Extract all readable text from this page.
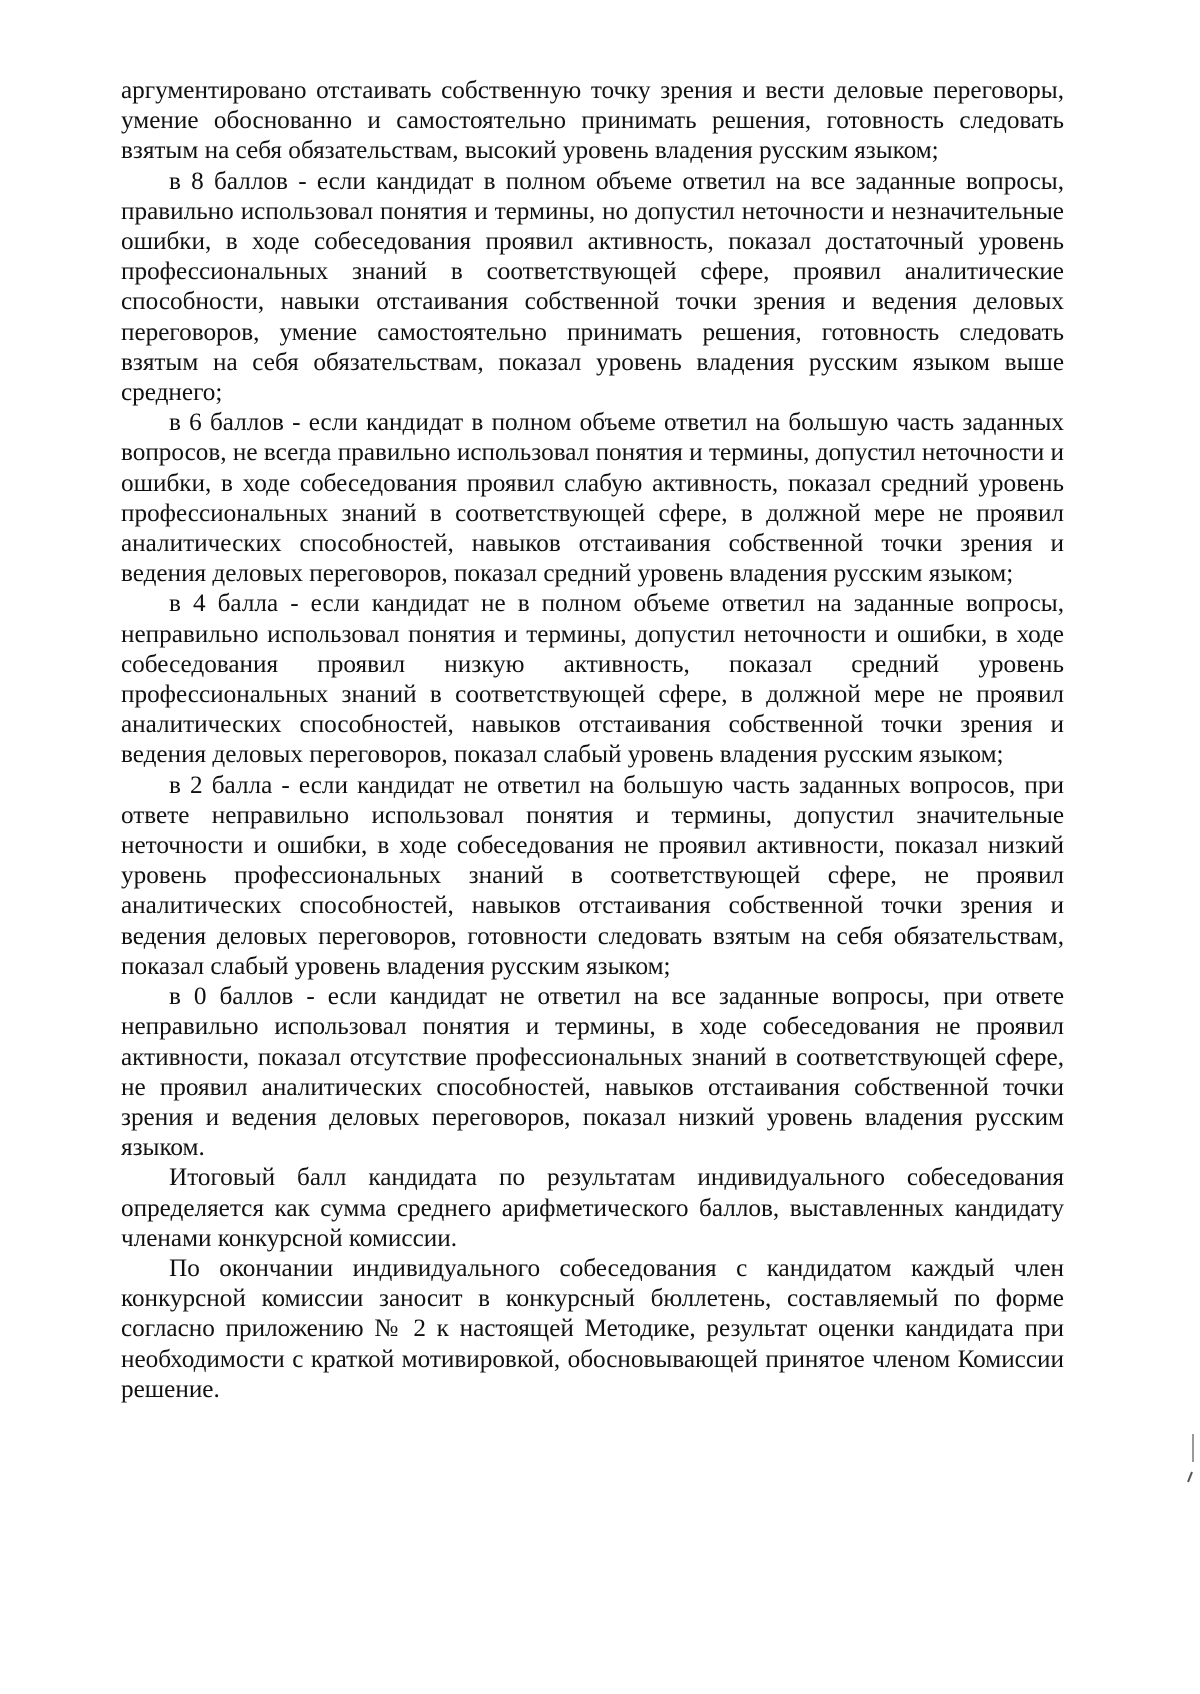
аргументировано отстаивать собственную точку зрения и вести деловые переговоры, умение обоснованно и самостоятельно принимать решения, готовность следовать взятым на себя обязательствам, высокий уровень владения русским языком;

в 8 баллов - если кандидат в полном объеме ответил на все заданные вопросы, правильно использовал понятия и термины, но допустил неточности и незначительные ошибки, в ходе собеседования проявил активность, показал достаточный уровень профессиональных знаний в соответствующей сфере, проявил аналитические способности, навыки отстаивания собственной точки зрения и ведения деловых переговоров, умение самостоятельно принимать решения, готовность следовать взятым на себя обязательствам, показал уровень владения русским языком выше среднего;

в 6 баллов - если кандидат в полном объеме ответил на большую часть заданных вопросов, не всегда правильно использовал понятия и термины, допустил неточности и ошибки, в ходе собеседования проявил слабую активность, показал средний уровень профессиональных знаний в соответствующей сфере, в должной мере не проявил аналитических способностей, навыков отстаивания собственной точки зрения и ведения деловых переговоров, показал средний уровень владения русским языком;

в 4 балла - если кандидат не в полном объеме ответил на заданные вопросы, неправильно использовал понятия и термины, допустил неточности и ошибки, в ходе собеседования проявил низкую активность, показал средний уровень профессиональных знаний в соответствующей сфере, в должной мере не проявил аналитических способностей, навыков отстаивания собственной точки зрения и ведения деловых переговоров, показал слабый уровень владения русским языком;

в 2 балла - если кандидат не ответил на большую часть заданных вопросов, при ответе неправильно использовал понятия и термины, допустил значительные неточности и ошибки, в ходе собеседования не проявил активности, показал низкий уровень профессиональных знаний в соответствующей сфере, не проявил аналитических способностей, навыков отстаивания собственной точки зрения и ведения деловых переговоров, готовности следовать взятым на себя обязательствам, показал слабый уровень владения русским языком;

в 0 баллов - если кандидат не ответил на все заданные вопросы, при ответе неправильно использовал понятия и термины, в ходе собеседования не проявил активности, показал отсутствие профессиональных знаний в соответствующей сфере, не проявил аналитических способностей, навыков отстаивания собственной точки зрения и ведения деловых переговоров, показал низкий уровень владения русским языком.

Итоговый балл кандидата по результатам индивидуального собеседования определяется как сумма среднего арифметического баллов, выставленных кандидату членами конкурсной комиссии.

По окончании индивидуального собеседования с кандидатом каждый член конкурсной комиссии заносит в конкурсный бюллетень, составляемый по форме согласно приложению № 2 к настоящей Методике, результат оценки кандидата при необходимости с краткой мотивировкой, обосновывающей принятое членом Комиссии решение.
